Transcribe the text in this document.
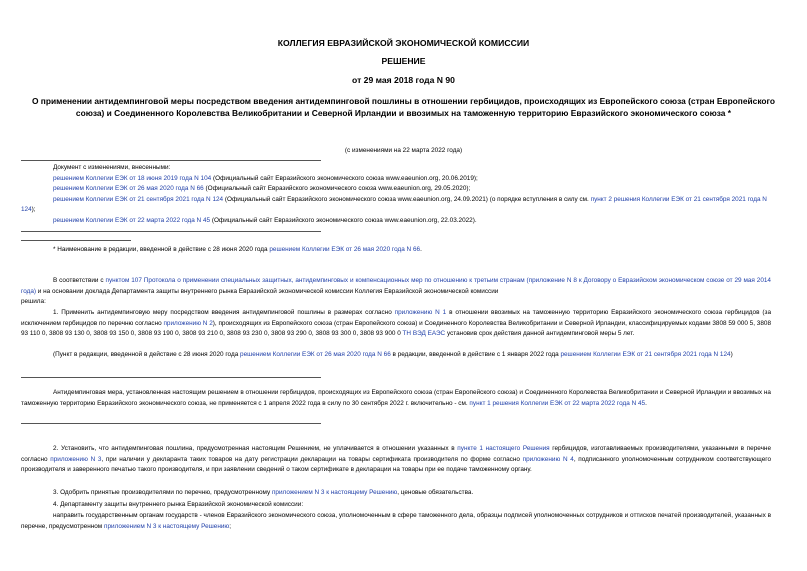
КОЛЛЕГИЯ ЕВРАЗИЙСКОЙ ЭКОНОМИЧЕСКОЙ КОМИССИИ
РЕШЕНИЕ
от 29 мая 2018 года N 90
О применении антидемпинговой меры посредством введения антидемпинговой пошлины в отношении гербицидов, происходящих из Европейского союза (стран Европейского союза) и Соединенного Королевства Великобритании и Северной Ирландии и ввозимых на таможенную территорию Евразийского экономического союза *
(с изменениями на 22 марта 2022 года)
Документ с изменениями, внесенными:
решением Коллегии ЕЭК от 18 июня 2019 года N 104 (Официальный сайт Евразийского экономического союза www.eaeunion.org, 20.06.2019);
решением Коллегии ЕЭК от 26 мая 2020 года N 66 (Официальный сайт Евразийского экономического союза www.eaeunion.org, 29.05.2020);
решением Коллегии ЕЭК от 21 сентября 2021 года N 124 (Официальный сайт Евразийского экономического союза www.eaeunion.org, 24.09.2021) (о порядке вступления в силу см. пункт 2 решения Коллегии ЕЭК от 21 сентября 2021 года N 124);
решением Коллегии ЕЭК от 22 марта 2022 года N 45 (Официальный сайт Евразийского экономического союза www.eaeunion.org, 22.03.2022).
* Наименование в редакции, введенной в действие с 28 июня 2020 года решением Коллегии ЕЭК от 26 мая 2020 года N 66.
В соответствии с пунктом 107 Протокола о применении специальных защитных, антидемпинговых и компенсационных мер по отношению к третьим странам (приложение N 8 к Договору о Евразийском экономическом союзе от 29 мая 2014 года) и на основании доклада Департамента защиты внутреннего рынка Евразийской экономической комиссии Коллегия Евразийской экономической комиссии
решила:
1. Применить антидемпинговую меру посредством введения антидемпинговой пошлины в размерах согласно приложению N 1 в отношении ввозимых на таможенную территорию Евразийского экономического союза гербицидов (за исключением гербицидов по перечню согласно приложению N 2), происходящих из Европейского союза (стран Европейского союза) и Соединенного Королевства Великобритании и Северной Ирландии, классифицируемых кодами 3808 59 000 5, 3808 93 110 0, 3808 93 130 0, 3808 93 150 0, 3808 93 190 0, 3808 93 210 0, 3808 93 230 0, 3808 93 290 0, 3808 93 300 0, 3808 93 900 0 ТН ВЭД ЕАЭС установив срок действия данной антидемпинговой меры 5 лет.
(Пункт в редакции, введенной в действие с 28 июня 2020 года решением Коллегии ЕЭК от 26 мая 2020 года N 66 в редакции, введенной в действие с 1 января 2022 года решением Коллегии ЕЭК от 21 сентября 2021 года N 124)
Антидемпинговая мера, установленная настоящим решением в отношении гербицидов, происходящих из Европейского союза (стран Европейского союза) и Соединенного Королевства Великобритании и Северной Ирландии и ввозимых на таможенную территорию Евразийского экономического союза, не применяется с 1 апреля 2022 года в силу по 30 сентября 2022 г. включительно - см. пункт 1 решения Коллегии ЕЭК от 22 марта 2022 года N 45.
2. Установить, что антидемпинговая пошлина, предусмотренная настоящим Решением, не уплачивается в отношении указанных в пункте 1 настоящего Решения гербицидов, изготавливаемых производителями, указанными в перечне согласно приложению N 3, при наличии у декларанта таких товаров на дату регистрации декларации на товары сертификата производителя по форме согласно приложению N 4, подписанного уполномоченным сотрудником соответствующего производителя и заверенного печатью такого производителя, и при заявлении сведений о таком сертификате в декларации на товары при ее подаче таможенному органу.
3. Одобрить принятые производителями по перечню, предусмотренному приложением N 3 к настоящему Решению, ценовые обязательства.
4. Департаменту защиты внутреннего рынка Евразийской экономической комиссии:
направить государственным органам государств - членов Евразийского экономического союза, уполномоченным в сфере таможенного дела, образцы подписей уполномоченных сотрудников и оттисков печатей производителей, указанных в перечне, предусмотренном приложением N 3 к настоящему Решению;
